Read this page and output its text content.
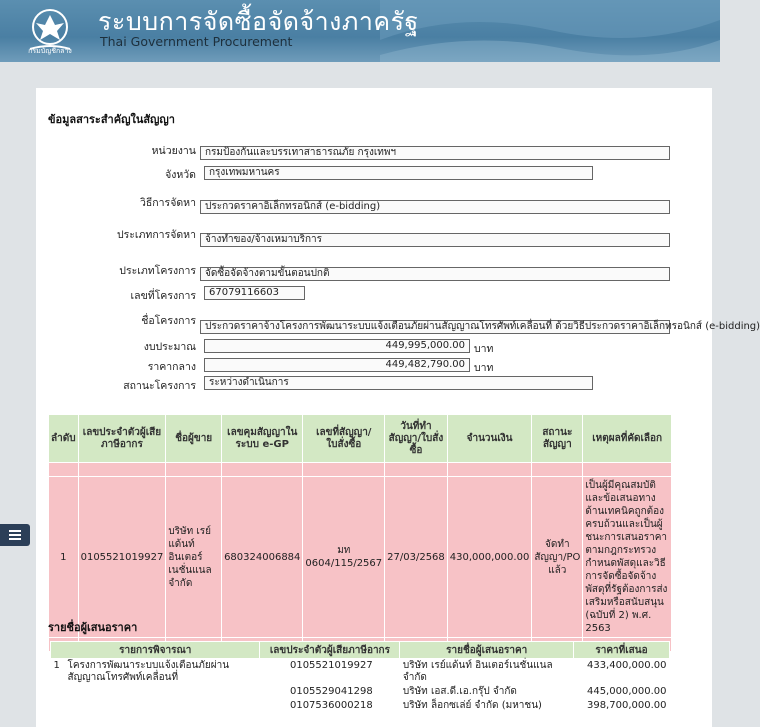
กรมบัญชีกลาง
ระบบการจัดซื้อจัดจ้างภาครัฐ
Thai Government Procurement
ข้อมูลสาระสำคัญในสัญญา
หน่วยงาน กรมป้องกันและบรรเทาสาธารณภัย กรุงเทพฯ
จังหวัด	กรุงเทพมหานคร
วิธีการจัดหา ประกวดราคาอิเล็กทรอนิกส์ (e-bidding)
ประเภทการจัดหา จ้างทำของ/จ้างเหมาบริการ
ประเภทโครงการ จัดซื้อจัดจ้างตามขั้นตอนปกติ
เลขที่โครงการ	67079116603
ชื่อโครงการ ประกวดราคาจ้างโครงการพัฒนาระบบแจ้งเตือนภัยผ่านสัญญาณโทรศัพท์เคลื่อนที่ ด้วยวิธีประกวดราคาอิเล็กทรอนิกส์ (e-bidding)
งบประมาณ	449,995,000.00 บาท
ราคากลาง	449,482,790.00 บาท
สถานะโครงการ	ระหว่างดำเนินการ
ลำดับ	เลขประจำตัวผู้เสียภาษีอากร	ชื่อผู้ขาย	เลขคุมสัญญาในระบบ e-GP	เลขที่สัญญา/ใบสั่งซื้อ	วันที่ทำสัญญา/ใบสั่งซื้อ	จำนวนเงิน	สถานะสัญญา	เหตุผลที่คัดเลือก

1	0105521019927	บริษัท เรย์แด้นท์ อินเตอร์เนชั่นแนล จำกัด	680324006884	มท 0604/115/2567	27/03/2568	430,000,000.00	จัดทำสัญญา/PO แล้ว	เป็นผู้มีคุณสมบัติและข้อเสนอทางด้านเทคนิคถูกต้องครบถ้วนและเป็นผู้ชนะการเสนอราคาตามกฎกระทรวงกำหนดพัสดุและวิธีการจัดซื้อจัดจ้างพัสดุที่รัฐต้องการส่งเสริมหรือสนับสนุน (ฉบับที่ 2) พ.ศ. 2563

รายชื่อผู้เสนอราคา
รายการพิจารณา		เลขประจำตัวผู้เสียภาษีอากร	รายชื่อผู้เสนอราคา	ราคาที่เสนอ
1	โครงการพัฒนาระบบแจ้งเตือนภัยผ่านสัญญาณโทรศัพท์เคลื่อนที่	0105521019927	บริษัท เรย์แด้นท์ อินเตอร์เนชั่นแนล จำกัด	433,400,000.00
		0105529041298	บริษัท เอส.ดี.เอ.กรุ๊ป จำกัด	445,000,000.00
		0107536000218	บริษัท ล็อกซเล่ย์ จำกัด (มหาชน)	398,700,000.00
